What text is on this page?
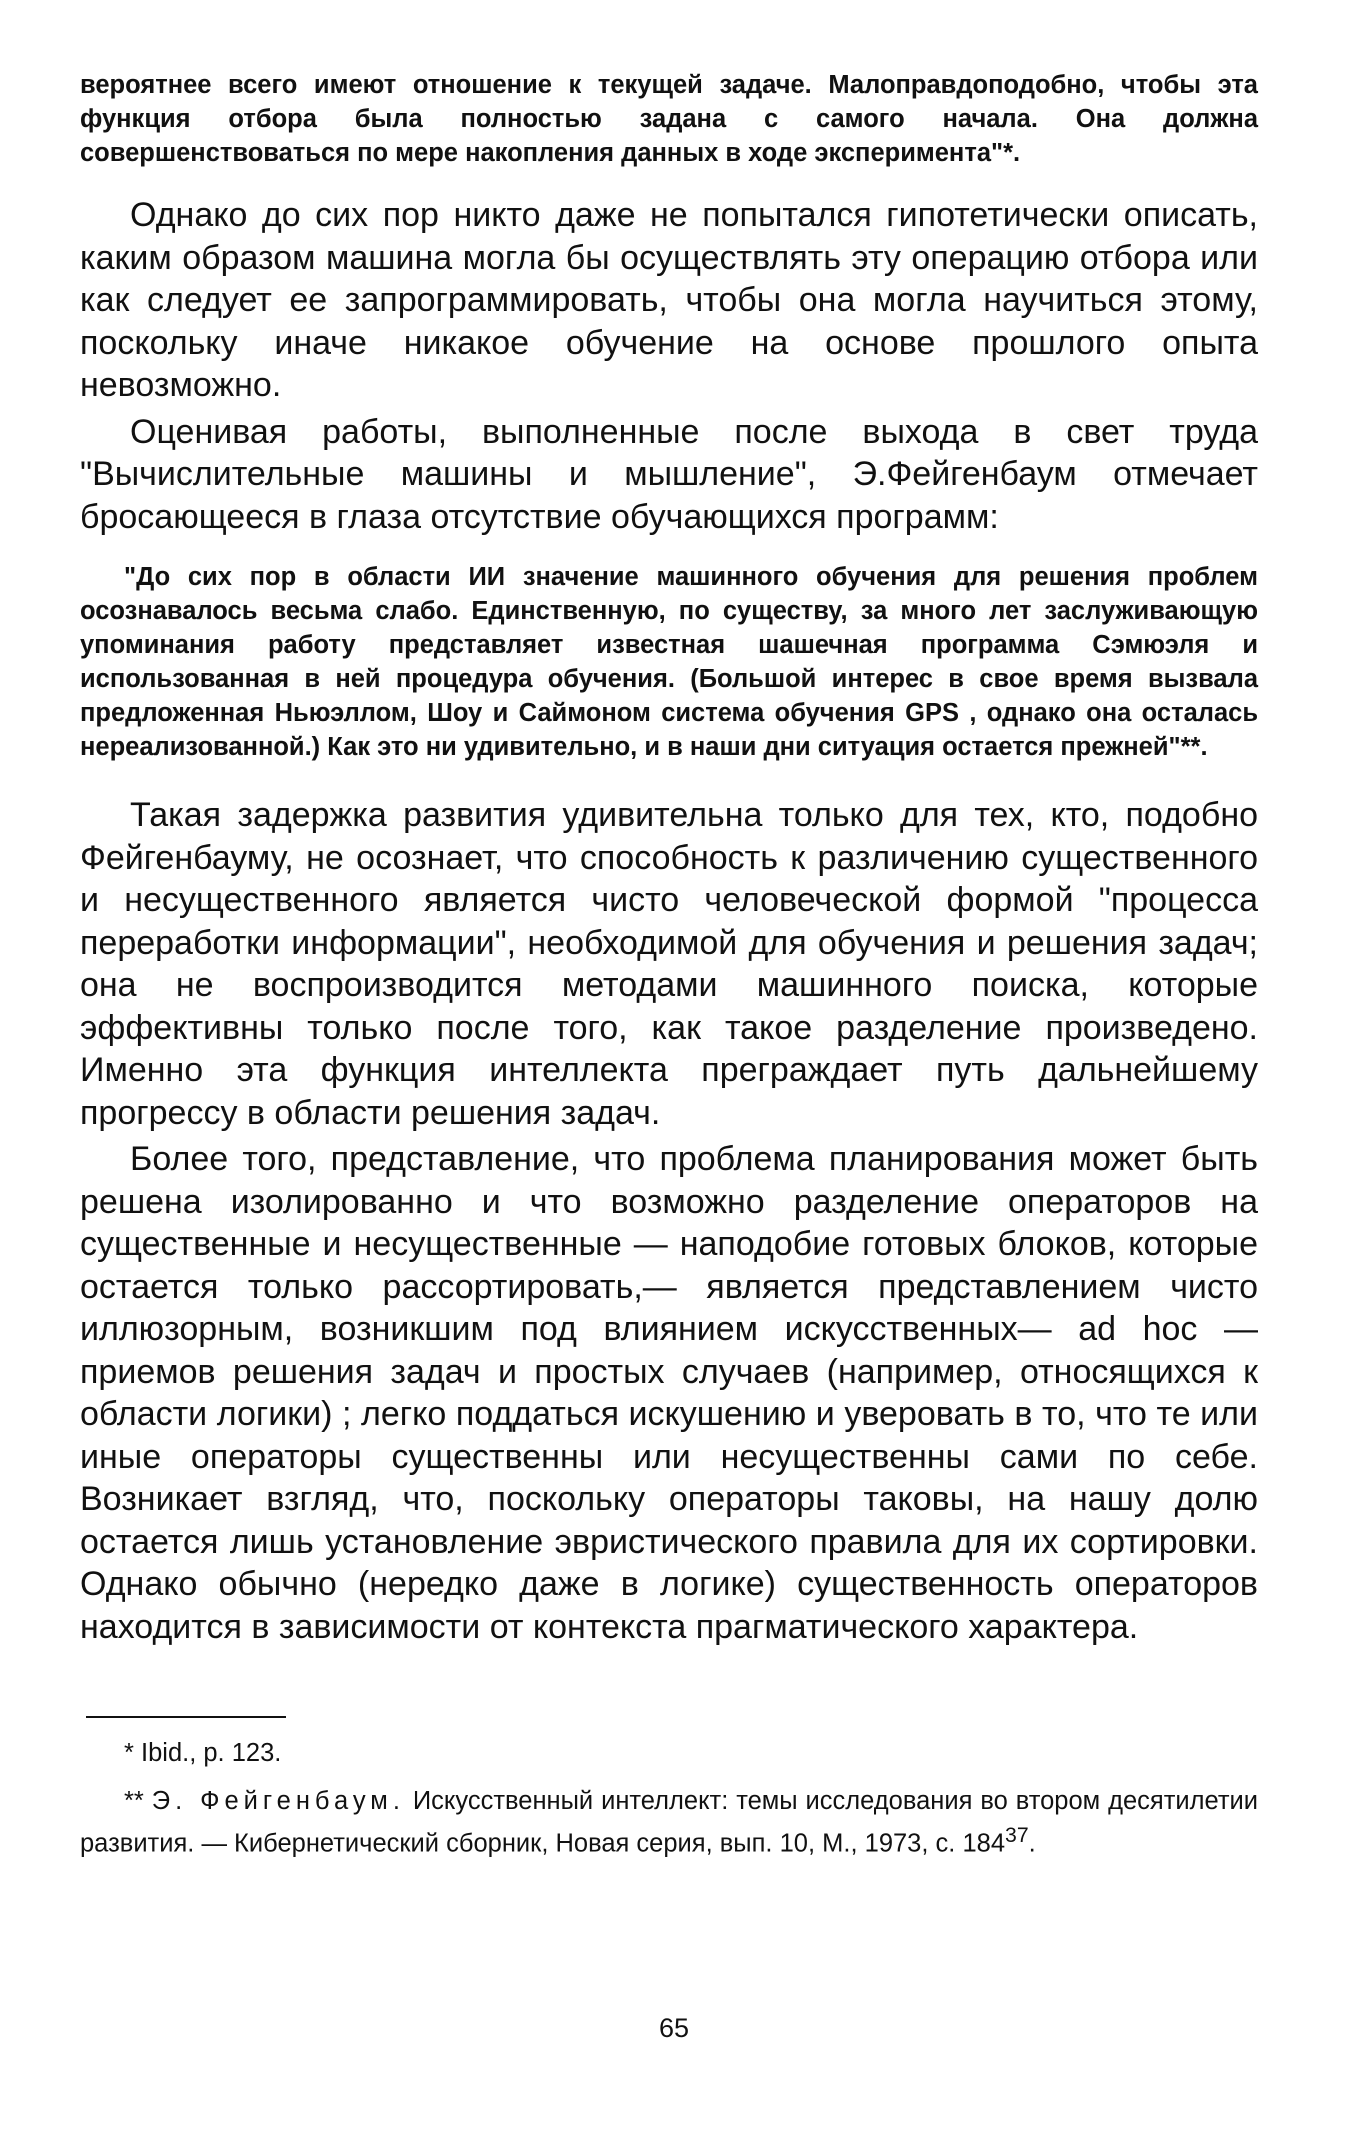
вероятнее всего имеют отношение к текущей задаче. Малоправдоподобно, чтобы эта функция отбора была полностью задана с самого начала. Она должна совершенствоваться по мере накопления данных в ходе эксперимента"*.

Однако до сих пор никто даже не попытался гипотетически описать, каким образом машина могла бы осуществлять эту операцию отбора или как следует ее запрограммировать, чтобы она могла научиться этому, поскольку иначе никакое обучение на основе прошлого опыта невозможно.

Оценивая работы, выполненные после выхода в свет труда "Вычислительные машины и мышление", Э.Фейгенбаум отмечает бросающееся в глаза отсутствие обучающихся программ:

"До сих пор в области ИИ значение машинного обучения для решения проблем осознавалось весьма слабо. Единственную, по существу, за много лет заслуживающую упоминания работу представляет известная шашечная программа Сэмюэля и использованная в ней процедура обучения. (Большой интерес в свое время вызвала предложенная Ньюэллом, Шоу и Саймоном система обучения GPS , однако она осталась нереализованной.) Как это ни удивительно, и в наши дни ситуация остается прежней"**.

Такая задержка развития удивительна только для тех, кто, подобно Фейгенбауму, не осознает, что способность к различению существенного и несущественного является чисто человеческой формой "процесса переработки информации", необходимой для обучения и решения задач; она не воспроизводится методами машинного поиска, которые эффективны только после того, как такое разделение произведено. Именно эта функция интеллекта преграждает путь дальнейшему прогрессу в области решения задач.

Более того, представление, что проблема планирования может быть решена изолированно и что возможно разделение операторов на существенные и несущественные — наподобие готовых блоков, которые остается только рассортировать,— является представлением чисто иллюзорным, возникшим под влиянием искусственных— ad hoc — приемов решения задач и простых случаев (например, относящихся к области логики) ; легко поддаться искушению и уверовать в то, что те или иные операторы существенны или несущественны сами по себе. Возникает взгляд, что, поскольку операторы таковы, на нашу долю остается лишь установление эвристического правила для их сортировки. Однако обычно (нередко даже в логике) существенность операторов находится в зависимости от контекста прагматического характера.

* Ibid., p. 123.

** Э. Фейгенбаум. Искусственный интеллект: темы исследования во втором десятилетии развития. — Кибернетический сборник, Новая серия, вып. 10, М., 1973, с. $184^{37}$.

65
